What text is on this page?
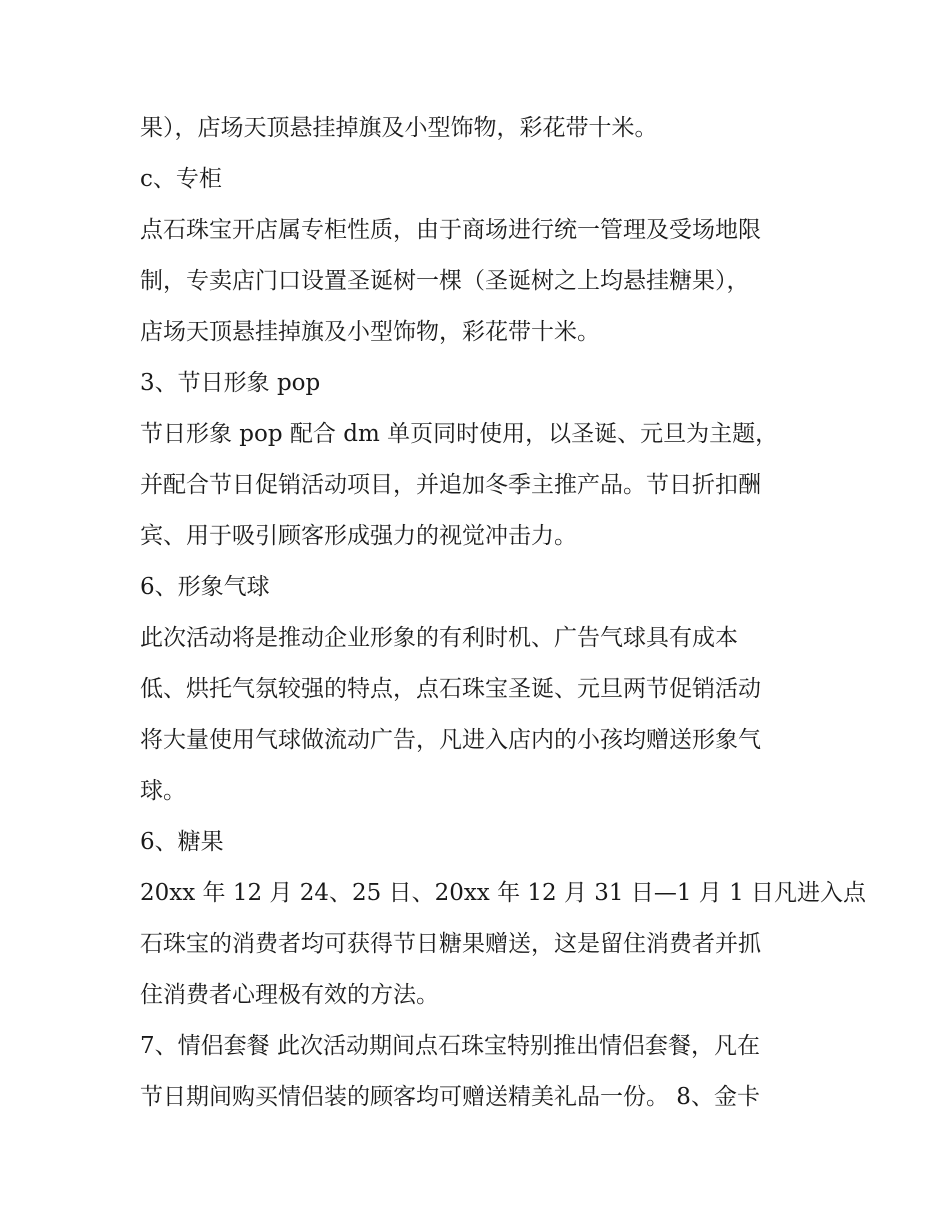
果），店场天顶悬挂掉旗及小型饰物，彩花带十米。

c、专柜

点石珠宝开店属专柜性质，由于商场进行统一管理及受场地限

制，专卖店门口设置圣诞树一棵（圣诞树之上均悬挂糖果），

店场天顶悬挂掉旗及小型饰物，彩花带十米。

3、节日形象 pop

节日形象 pop 配合 dm 单页同时使用，以圣诞、元旦为主题，

并配合节日促销活动项目，并追加冬季主推产品。节日折扣酬

宾、用于吸引顾客形成强力的视觉冲击力。

6、形象气球

此次活动将是推动企业形象的有利时机、广告气球具有成本

低、烘托气氛较强的特点，点石珠宝圣诞、元旦两节促销活动

将大量使用气球做流动广告，凡进入店内的小孩均赠送形象气

球。

6、糖果

20xx 年 12 月 24、25 日、20xx 年 12 月 31 日—1 月 1 日凡进入点

石珠宝的消费者均可获得节日糖果赠送，这是留住消费者并抓

住消费者心理极有效的方法。

7、情侣套餐 此次活动期间点石珠宝特别推出情侣套餐，凡在

节日期间购买情侣装的顾客均可赠送精美礼品一份。 8、金卡
